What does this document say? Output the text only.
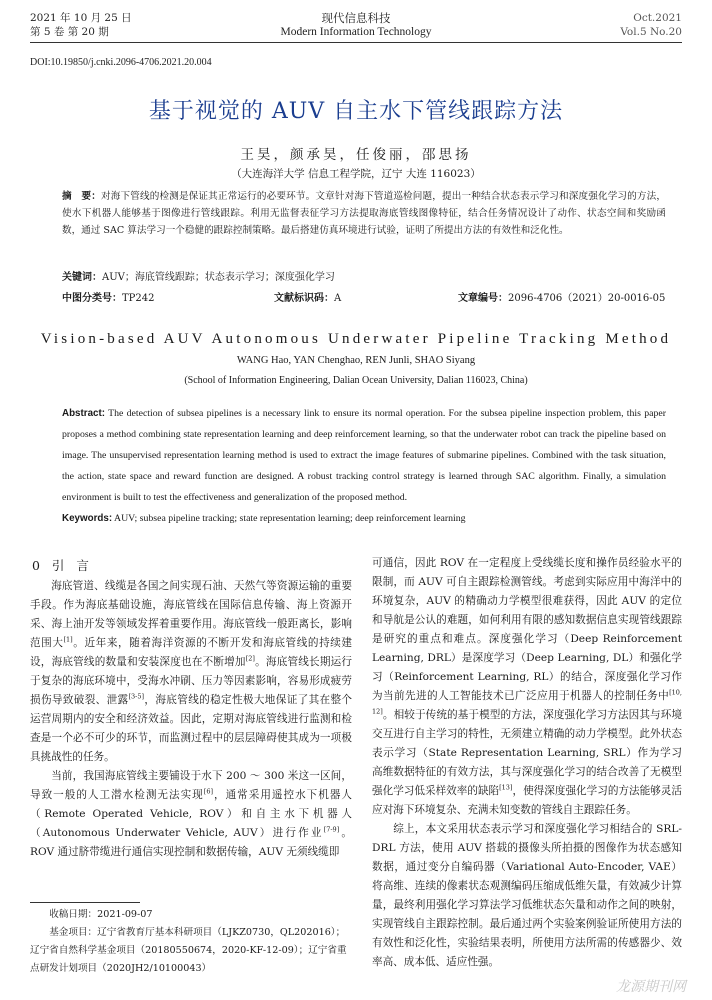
2021 年 10 月 25 日
第 5 卷 第 20 期
现代信息科技
Modern Information Technology
Oct.2021
Vol.5 No.20
DOI:10.19850/j.cnki.2096-4706.2021.20.004
基于视觉的 AUV 自主水下管线跟踪方法
王昊，颜承昊，任俊丽，邵思扬
（大连海洋大学 信息工程学院，辽宁 大连 116023）
摘　要：对海下管线的检测是保证其正常运行的必要环节。文章针对海下管道巡检问题，提出一种结合状态表示学习和深度强化学习的方法，使水下机器人能够基于图像进行管线跟踪。利用无监督表征学习方法提取海底管线图像特征，结合任务情况设计了动作、状态空间和奖励函数，通过 SAC 算法学习一个稳健的跟踪控制策略。最后搭建仿真环境进行试验，证明了所提出方法的有效性和泛化性。
关键词：AUV；海底管线跟踪；状态表示学习；深度强化学习
中图分类号：TP242	文献标识码：A	文章编号：2096-4706（2021）20-0016-05
Vision-based AUV Autonomous Underwater Pipeline Tracking Method
WANG Hao, YAN Chenghao, REN Junli, SHAO Siyang
(School of Information Engineering, Dalian Ocean University, Dalian 116023, China)
Abstract: The detection of subsea pipelines is a necessary link to ensure its normal operation. For the subsea pipeline inspection problem, this paper proposes a method combining state representation learning and deep reinforcement learning, so that the underwater robot can track the pipeline based on image. The unsupervised representation learning method is used to extract the image features of submarine pipelines. Combined with the task situation, the action, state space and reward function are designed. A robust tracking control strategy is learned through SAC algorithm. Finally, a simulation environment is built to test the effectiveness and generalization of the proposed method.
Keywords: AUV; subsea pipeline tracking; state representation learning; deep reinforcement learning
0 引 言

海底管道、线缆是各国之间实现石油、天然气等资源运输的重要手段。作为海底基础设施，海底管线在国际信息传输、海上资源开采、海上油开发等领域发挥着重要作用。海底管线一般距离长，影响范围大[1]。近年来，随着海洋资源的不断开发和海底管线的持续建设，海底管线的数量和安装深度也在不断增加[2]。海底管线长期运行于复杂的海底环境中，受海水冲刷、压力等因素影响，容易形成疲劳损伤导致破裂、泄露[3-5]，海底管线的稳定性极大地保证了其在整个运营周期内的安全和经济效益。因此，定期对海底管线进行监测和检查是一个必不可少的环节，而监测过程中的层层障碍使其成为一项极具挑战性的任务。

当前，我国海底管线主要铺设于水下 200 ～ 300 米这一区间，导致一般的人工潜水检测无法实现[6]，通常采用遥控水下机器人（Remote Operated Vehicle, ROV）和自主水下机器人（Autonomous Underwater Vehicle, AUV）进行作业[7-9]。ROV 通过脐带缆进行通信实现控制和数据传输，AUV 无须线缆即

收稿日期：2021-09-07

基金项目：辽宁省教育厅基本科研项目（LJKZ0730，QL202016）；辽宁省自然科学基金项目（20180550674，2020-KF-12-09）；辽宁省重点研发计划项目（2020JH2/10100043）

可通信，因此 ROV 在一定程度上受线缆长度和操作员经验水平的限制，而 AUV 可自主跟踪检测管线。考虑到实际应用中海洋中的环境复杂，AUV 的精确动力学模型很难获得，因此 AUV 的定位和导航是公认的难题，如何利用有限的感知数据信息实现管线跟踪是研究的重点和难点。深度强化学习（Deep Reinforcement Learning, DRL）是深度学习（Deep Learning, DL）和强化学习（Reinforcement Learning, RL）的结合，深度强化学习作为当前先进的人工智能技术已广泛应用于机器人的控制任务中[10, 12]。相较于传统的基于模型的方法，深度强化学习方法因其与环境交互进行自主学习的特性，无须建立精确的动力学模型。此外状态表示学习（State Representation Learning, SRL）作为学习高维数据特征的有效方法，其与深度强化学习的结合改善了无模型强化学习低采样效率的缺陷[13]，使得深度强化学习的方法能够灵活应对海下环境复杂、充满未知变数的管线自主跟踪任务。

综上，本文采用状态表示学习和深度强化学习相结合的 SRL-DRL 方法，使用 AUV 搭载的摄像头所拍摄的图像作为状态感知数据，通过变分自编码器（Variational Auto-Encoder, VAE）将高维、连续的像素状态观测编码压缩成低维矢量，有效减少计算量，最终利用强化学习算法学习低维状态矢量和动作之间的映射，实现管线自主跟踪控制。最后通过两个实验案例验证所使用方法的有效性和泛化性，实验结果表明，所使用方法所需的传感器少、效率高、成本低、适应性强。

龙源期刊网
